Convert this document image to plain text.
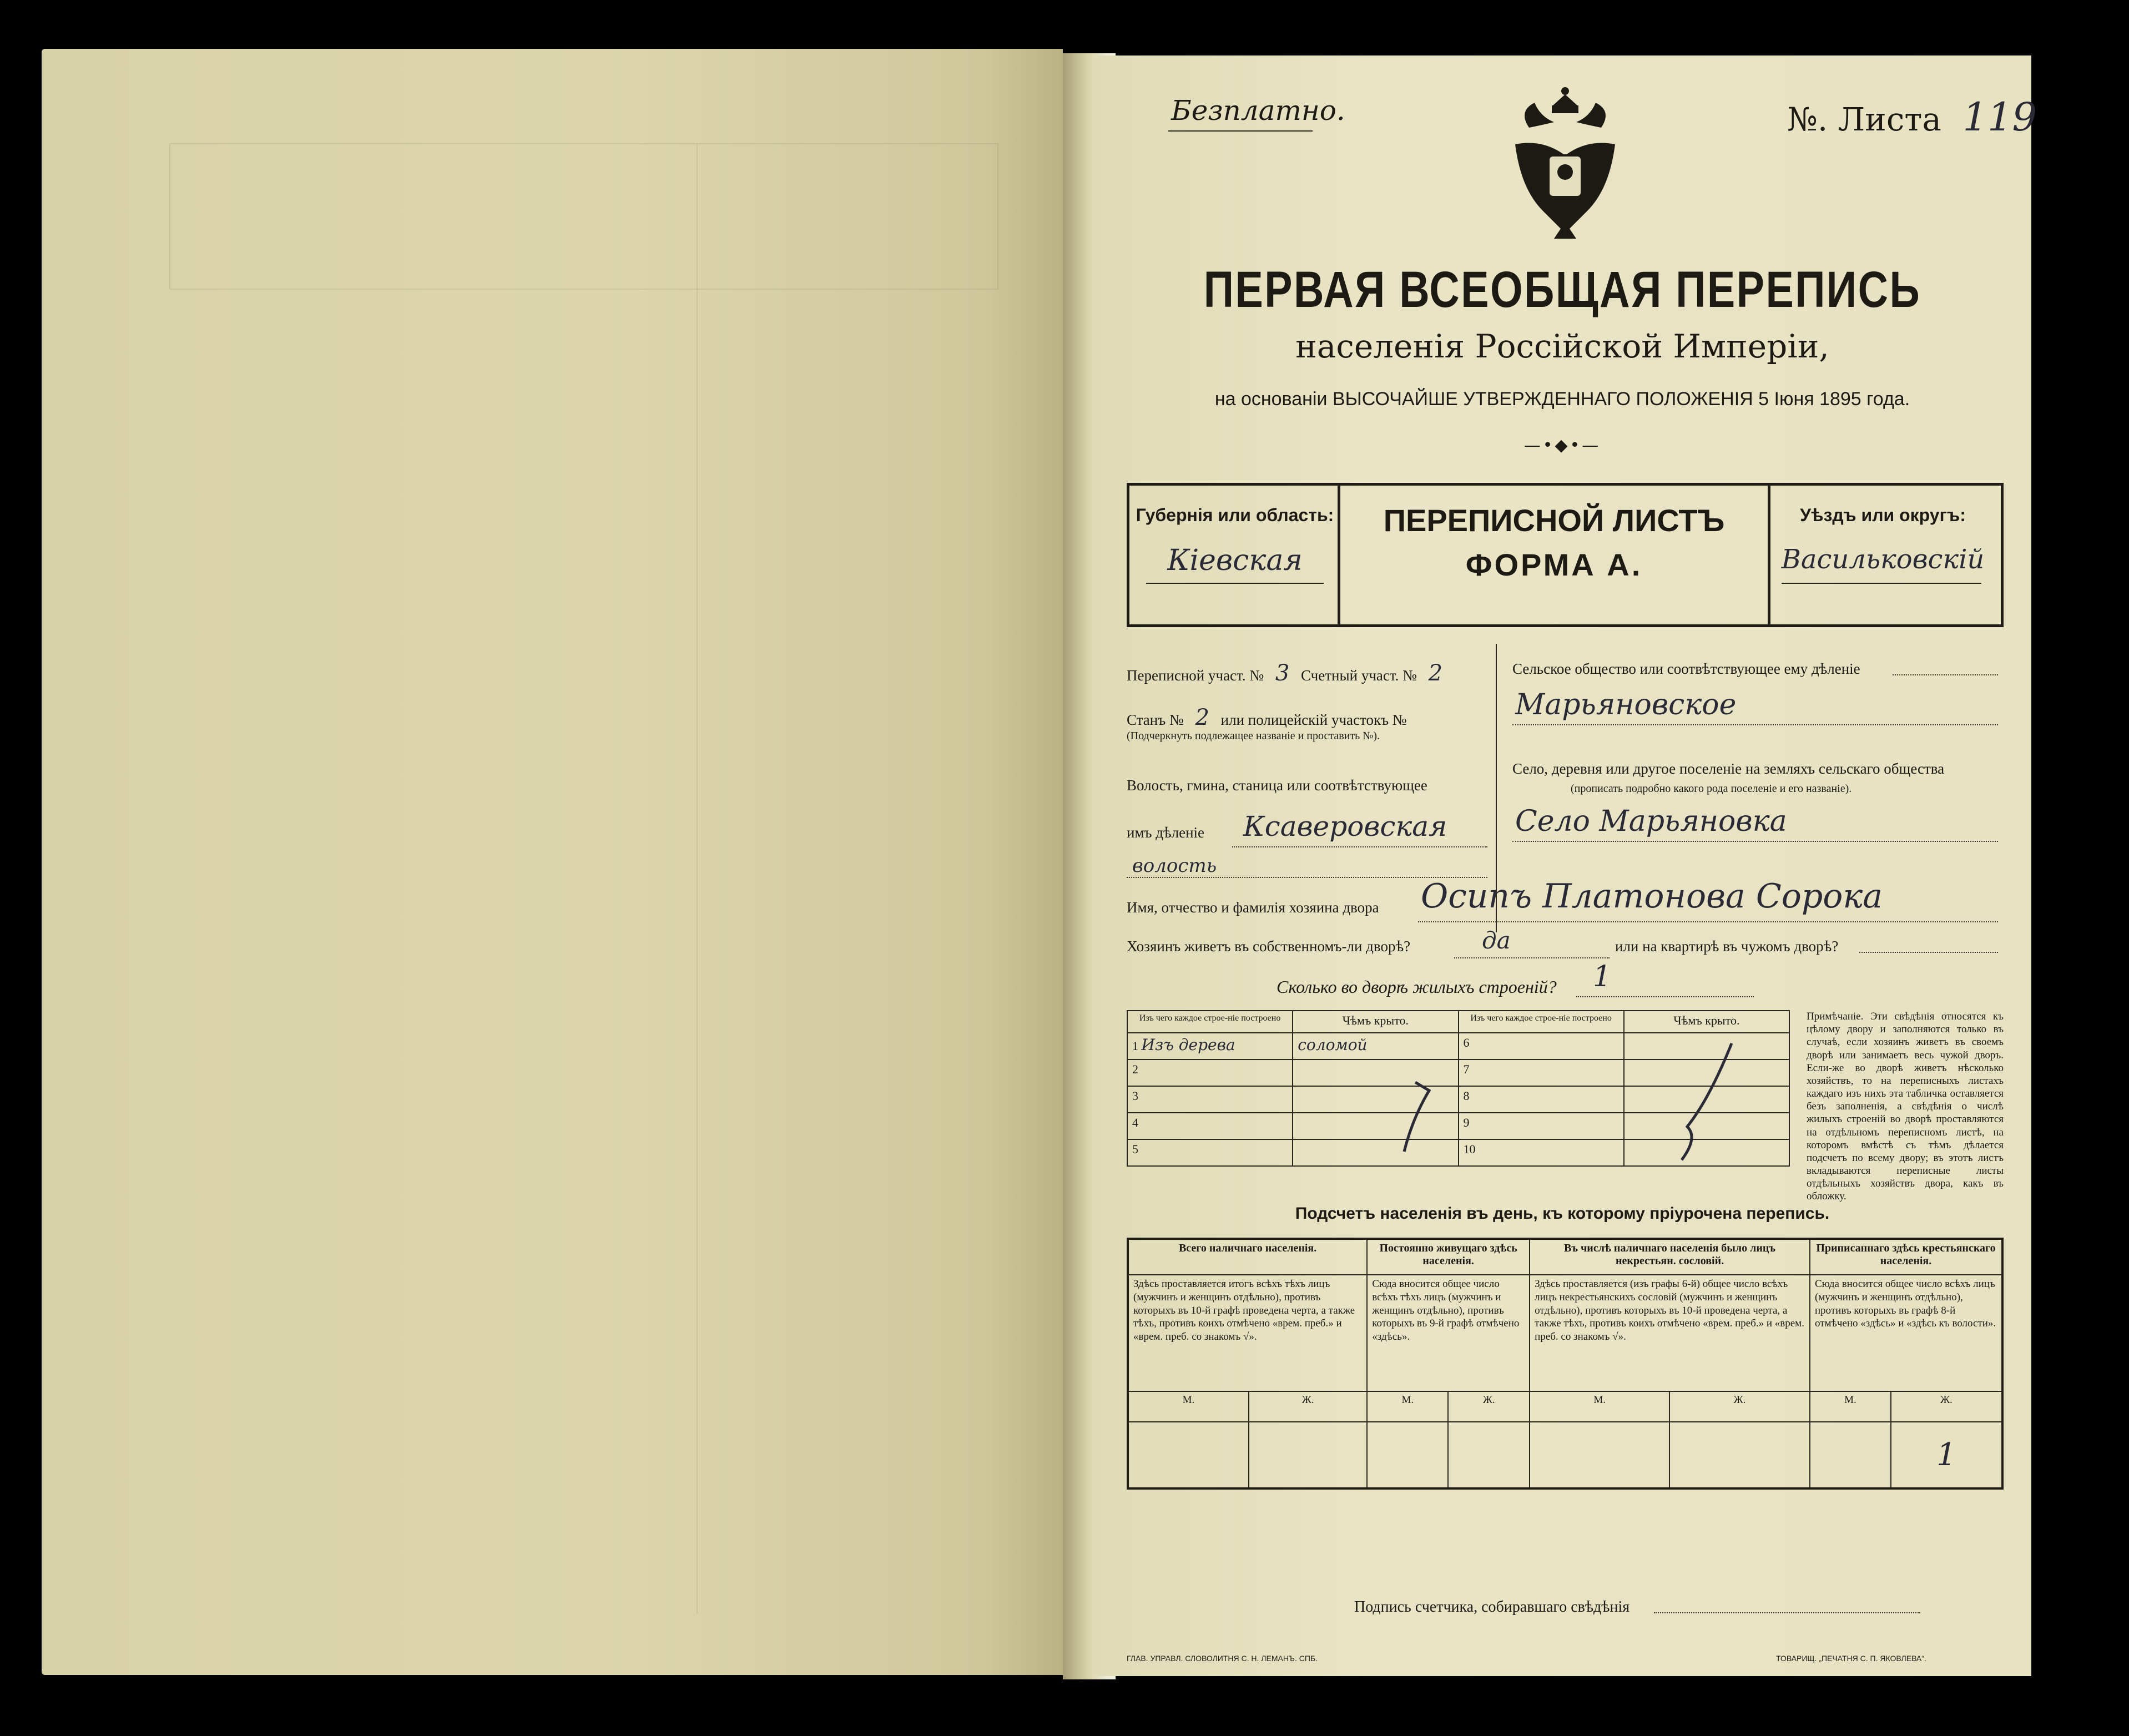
Безплатно.	№. Листа 119
ПЕРВАЯ ВСЕОБЩАЯ ПЕРЕПИСЬ
населенія Россійской Имперіи,
на основаніи ВЫСОЧАЙШЕ УТВЕРЖДЕННАГО ПОЛОЖЕНІЯ 5 Іюня 1895 года.
—•◆•—
Губернія или область:
Кіевская
ПЕРЕПИСНОЙ ЛИСТЪ
ФОРМА А.
Уѣздъ или округъ:
Васильковскій
Переписной участ. № 3 Счетный участ. № 2
Станъ № 2 или полицейскій участокъ №
(Подчеркнуть подлежащее названіе и проставить №).
Волость, гмина, станица или соотвѣтствующее
имъ дѣленіе Ксаверовская
волость
Сельское общество или соотвѣтствующее ему дѣленіе
Марьяновское
Село, деревня или другое поселеніе на земляхъ сельскаго общества
(прописать подробно какого рода поселеніе и его названіе).
Село Марьяновка
Имя, отчество и фамилія хозяина двора Осипъ Платонова Сорока
Хозяинъ живетъ въ собственномъ-ли дворѣ?	да	или на квартирѣ въ чужомъ дворѣ?
Сколько во дворѣ жилыхъ строеній? 1
Изъ чего каждое строе-ніе построено	Чѣмъ крыто.	Изъ чего каждое строе-ніе построено	Чѣмъ крыто.
1 Изъ дерева	соломой	6	
2		7	
3		8	
4		9	
5		10	
Примѣчаніе. Эти свѣдѣнія относятся къ цѣлому двору и заполняются только въ случаѣ, если хозяинъ живетъ въ своемъ дворѣ или занимаетъ весь чужой дворъ. Если-же во дворѣ живетъ нѣсколько хозяйствъ, то на переписныхъ листахъ каждаго изъ нихъ эта табличка оставляется безъ заполненія, а свѣдѣнія о числѣ жилыхъ строеній во дворѣ проставляются на отдѣльномъ переписномъ листѣ, на которомъ вмѣстѣ съ тѣмъ дѣлается подсчетъ по всему двору; въ этотъ листъ вкладываются переписные листы отдѣльныхъ хозяйствъ двора, какъ въ обложку.
Подсчетъ населенія въ день, къ которому пріурочена перепись.
Всего наличнаго населенія.		Постоянно живущаго здѣсь населенія.		Въ числѣ наличнаго населенія было лицъ некрестьян. сословій.		Приписаннаго здѣсь крестьянскаго населенія.	
Здѣсь проставляется итогъ всѣхъ тѣхъ лицъ (мужчинъ и женщинъ отдѣльно), противъ которыхъ въ 10-й графѣ проведена черта, а также тѣхъ, противъ коихъ отмѣчено «врем. преб.» и «врем. преб. со знакомъ √».		Сюда вносится общее число всѣхъ тѣхъ лицъ (мужчинъ и женщинъ отдѣльно), противъ которыхъ въ 9-й графѣ отмѣчено «здѣсь».		Здѣсь проставляется (изъ графы 6-й) общее число всѣхъ лицъ некрестьянскихъ сословій (мужчинъ и женщинъ отдѣльно), противъ которыхъ въ 10-й проведена черта, а также тѣхъ, противъ коихъ отмѣчено «врем. преб.» и «врем. преб. со знакомъ √».		Сюда вносится общее число всѣхъ лицъ (мужчинъ и женщинъ отдѣльно), противъ которыхъ въ графѣ 8-й отмѣчено «здѣсь» и «здѣсь къ волости».	
М.	Ж.	М.	Ж.	М.	Ж.	М.	Ж.
							1
Подпись счетчика, собиравшаго свѣдѣнія
ГЛАВ. УПРАВЛ. СЛОВОЛИТНЯ С. Н. ЛЕМАНЪ. СПБ.	ТОВАРИЩ. „ПЕЧАТНЯ С. П. ЯКОВЛЕВА“.
